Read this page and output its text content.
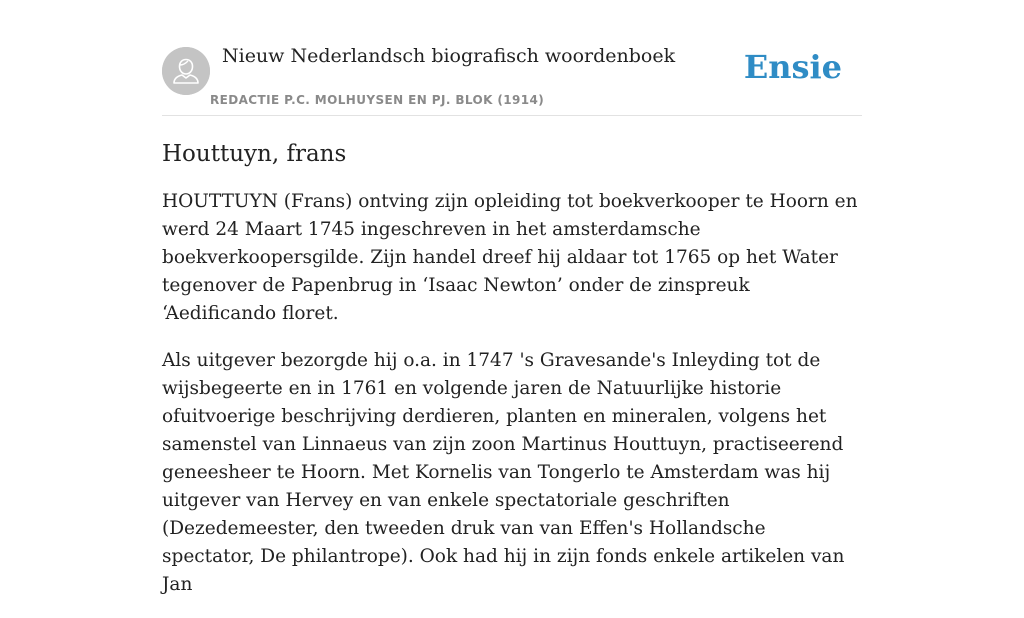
Nieuw Nederlandsch biografisch woordenboek
REDACTIE P.C. MOLHUYSEN EN PJ. BLOK (1914)
Ensie
Houttuyn, frans

HOUTTUYN (Frans) ontving zijn opleiding tot boekverkooper te Hoorn en werd 24 Maart 1745 ingeschreven in het amsterdamsche boekverkoopersgilde. Zijn handel dreef hij aldaar tot 1765 op het Water tegenover de Papenbrug in ‘Isaac Newton’ onder de zinspreuk ‘Aedificando floret.

Als uitgever bezorgde hij o.a. in 1747 's Gravesande's Inleyding tot de wijsbegeerte en in 1761 en volgende jaren de Natuurlijke historie ofuitvoerige beschrijving derdieren, planten en mineralen, volgens het samenstel van Linnaeus van zijn zoon Martinus Houttuyn, practiseerend geneesheer te Hoorn. Met Kornelis van Tongerlo te Amsterdam was hij uitgever van Hervey en van enkele spectatoriale geschriften (Dezedemeester, den tweeden druk van van Effen's Hollandsche spectator, De philantrope). Ook had hij in zijn fonds enkele artikelen van Jan
